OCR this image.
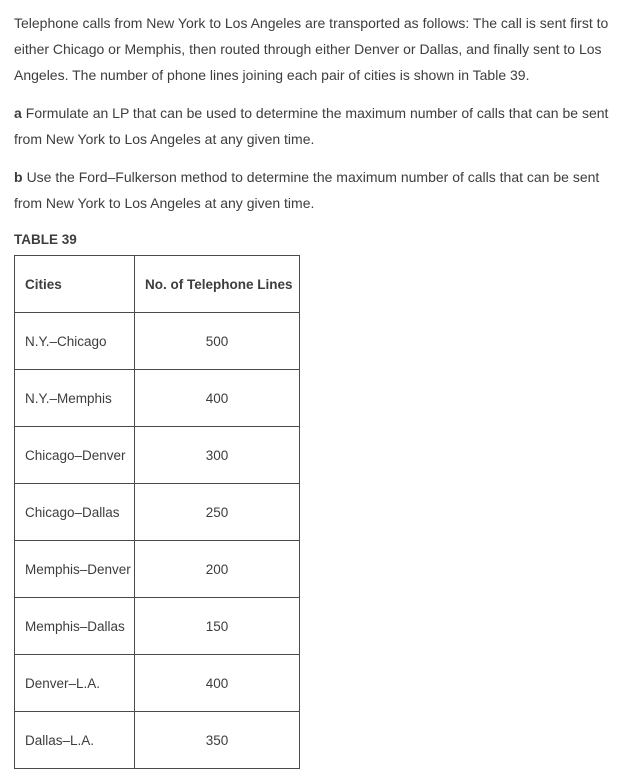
Telephone calls from New York to Los Angeles are transported as follows: The call is sent first to either Chicago or Memphis, then routed through either Denver or Dallas, and finally sent to Los Angeles. The number of phone lines joining each pair of cities is shown in Table 39.

a Formulate an LP that can be used to determine the maximum number of calls that can be sent from New York to Los Angeles at any given time.

b Use the Ford–Fulkerson method to determine the maximum number of calls that can be sent from New York to Los Angeles at any given time.

TABLE 39
Cities	No. of Telephone Lines
N.Y.–Chicago	500
N.Y.–Memphis	400
Chicago–Denver	300
Chicago–Dallas	250
Memphis–Denver	200
Memphis–Dallas	150
Denver–L.A.	400
Dallas–L.A.	350
